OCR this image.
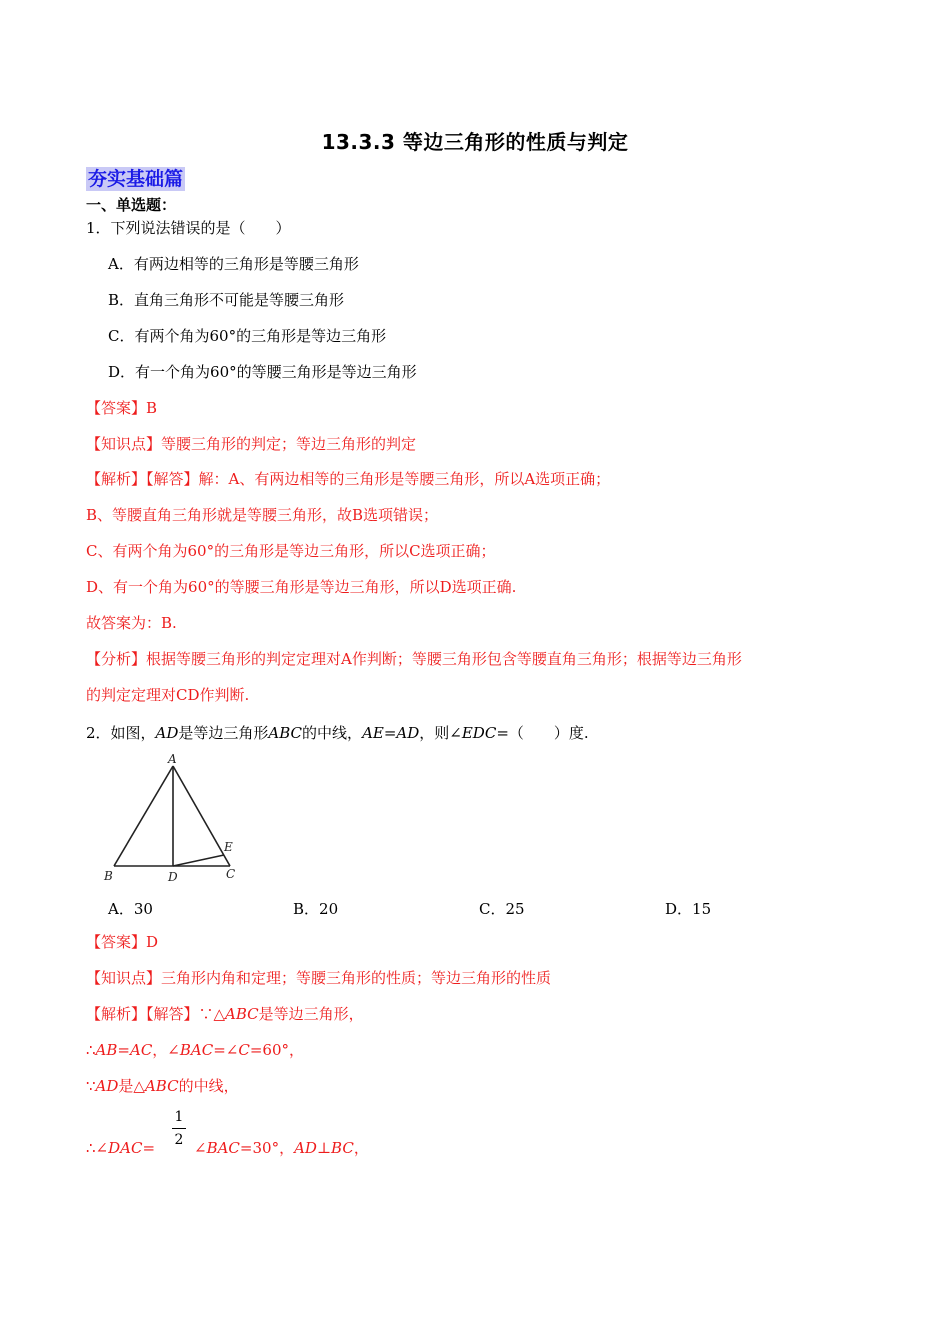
13.3.3 等边三角形的性质与判定
夯实基础篇
一、单选题：
1．下列说法错误的是（　　）
A．有两边相等的三角形是等腰三角形
B．直角三角形不可能是等腰三角形
C．有两个角为60°的三角形是等边三角形
D．有一个角为60°的等腰三角形是等边三角形
【答案】B
【知识点】等腰三角形的判定；等边三角形的判定
【解析】【解答】解：A、有两边相等的三角形是等腰三角形，所以A选项正确；
B、等腰直角三角形就是等腰三角形，故B选项错误；
C、有两个角为60°的三角形是等边三角形，所以C选项正确；
D、有一个角为60°的等腰三角形是等边三角形，所以D选项正确.
故答案为：B.
【分析】根据等腰三角形的判定定理对A作判断；等腰三角形包含等腰直角三角形；根据等边三角形
的判定定理对CD作判断.
2．如图，AD是等边三角形ABC的中线，AE=AD，则∠EDC=（　　）度.
A
B	D	C
E
A．30	B．20	C．25	D．15
【答案】D
【知识点】三角形内角和定理；等腰三角形的性质；等边三角形的性质
【解析】【解答】∵△ABC是等边三角形，
∴AB=AC，∠BAC=∠C=60°，
∵AD是△ABC的中线，
1
2
∴∠DAC=	∠BAC=30°，AD⊥BC，
